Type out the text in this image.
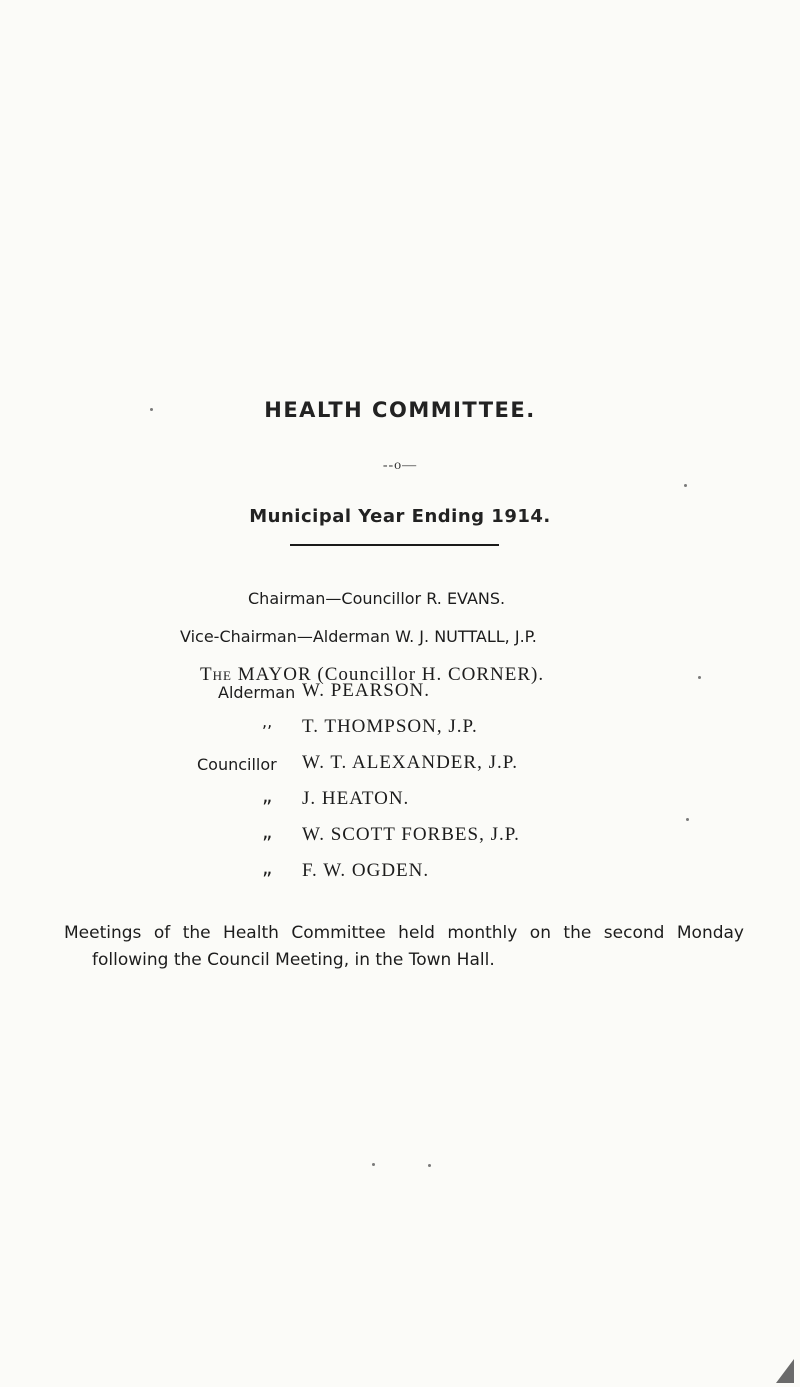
HEALTH COMMITTEE.
--o—
Municipal Year Ending 1914.

Chairman—Councillor R. EVANS.

Vice-Chairman—Alderman W. J. NUTTALL, J.P.

The MAYOR (Councillor H. CORNER).

Alderman W. PEARSON.
,, T. THOMPSON, J.P.
Councillor W. T. ALEXANDER, J.P.
„ J. HEATON.
„ W. SCOTT FORBES, J.P.
„ F. W. OGDEN.
Meetings of the Health Committee held monthly on the second Monday
following the Council Meeting, in the Town Hall.
